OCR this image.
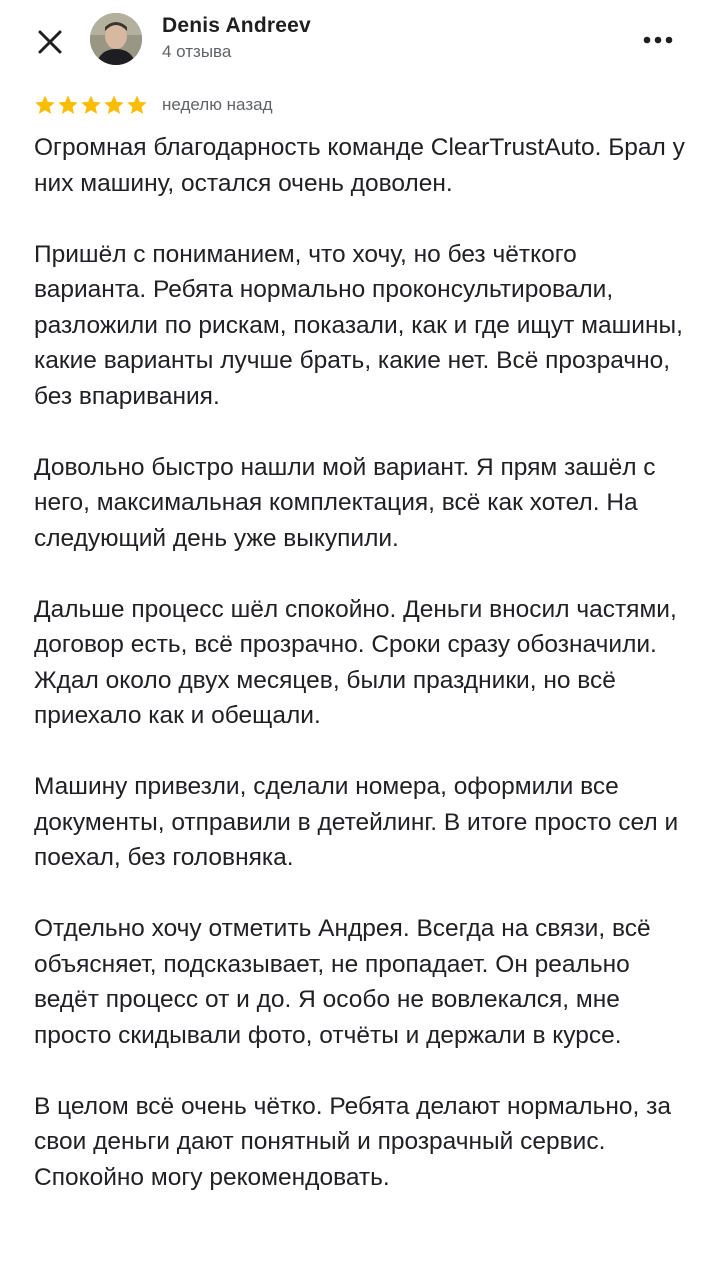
Denis Andreev
4 отзыва
неделю назад

Огромная благодарность команде ClearTrustAuto. Брал у них машину, остался очень доволен.

Пришёл с пониманием, что хочу, но без чёткого варианта. Ребята нормально проконсультировали, разложили по рискам, показали, как и где ищут машины, какие варианты лучше брать, какие нет. Всё прозрачно, без впаривания.

Довольно быстро нашли мой вариант. Я прям зашёл с него, максимальная комплектация, всё как хотел. На следующий день уже выкупили.

Дальше процесс шёл спокойно. Деньги вносил частями, договор есть, всё прозрачно. Сроки сразу обозначили. Ждал около двух месяцев, были праздники, но всё приехало как и обещали.

Машину привезли, сделали номера, оформили все документы, отправили в детейлинг. В итоге просто сел и поехал, без головняка.

Отдельно хочу отметить Андрея. Всегда на связи, всё объясняет, подсказывает, не пропадает. Он реально ведёт процесс от и до. Я особо не вовлекался, мне просто скидывали фото, отчёты и держали в курсе.

В целом всё очень чётко. Ребята делают нормально, за свои деньги дают понятный и прозрачный сервис. Спокойно могу рекомендовать.
